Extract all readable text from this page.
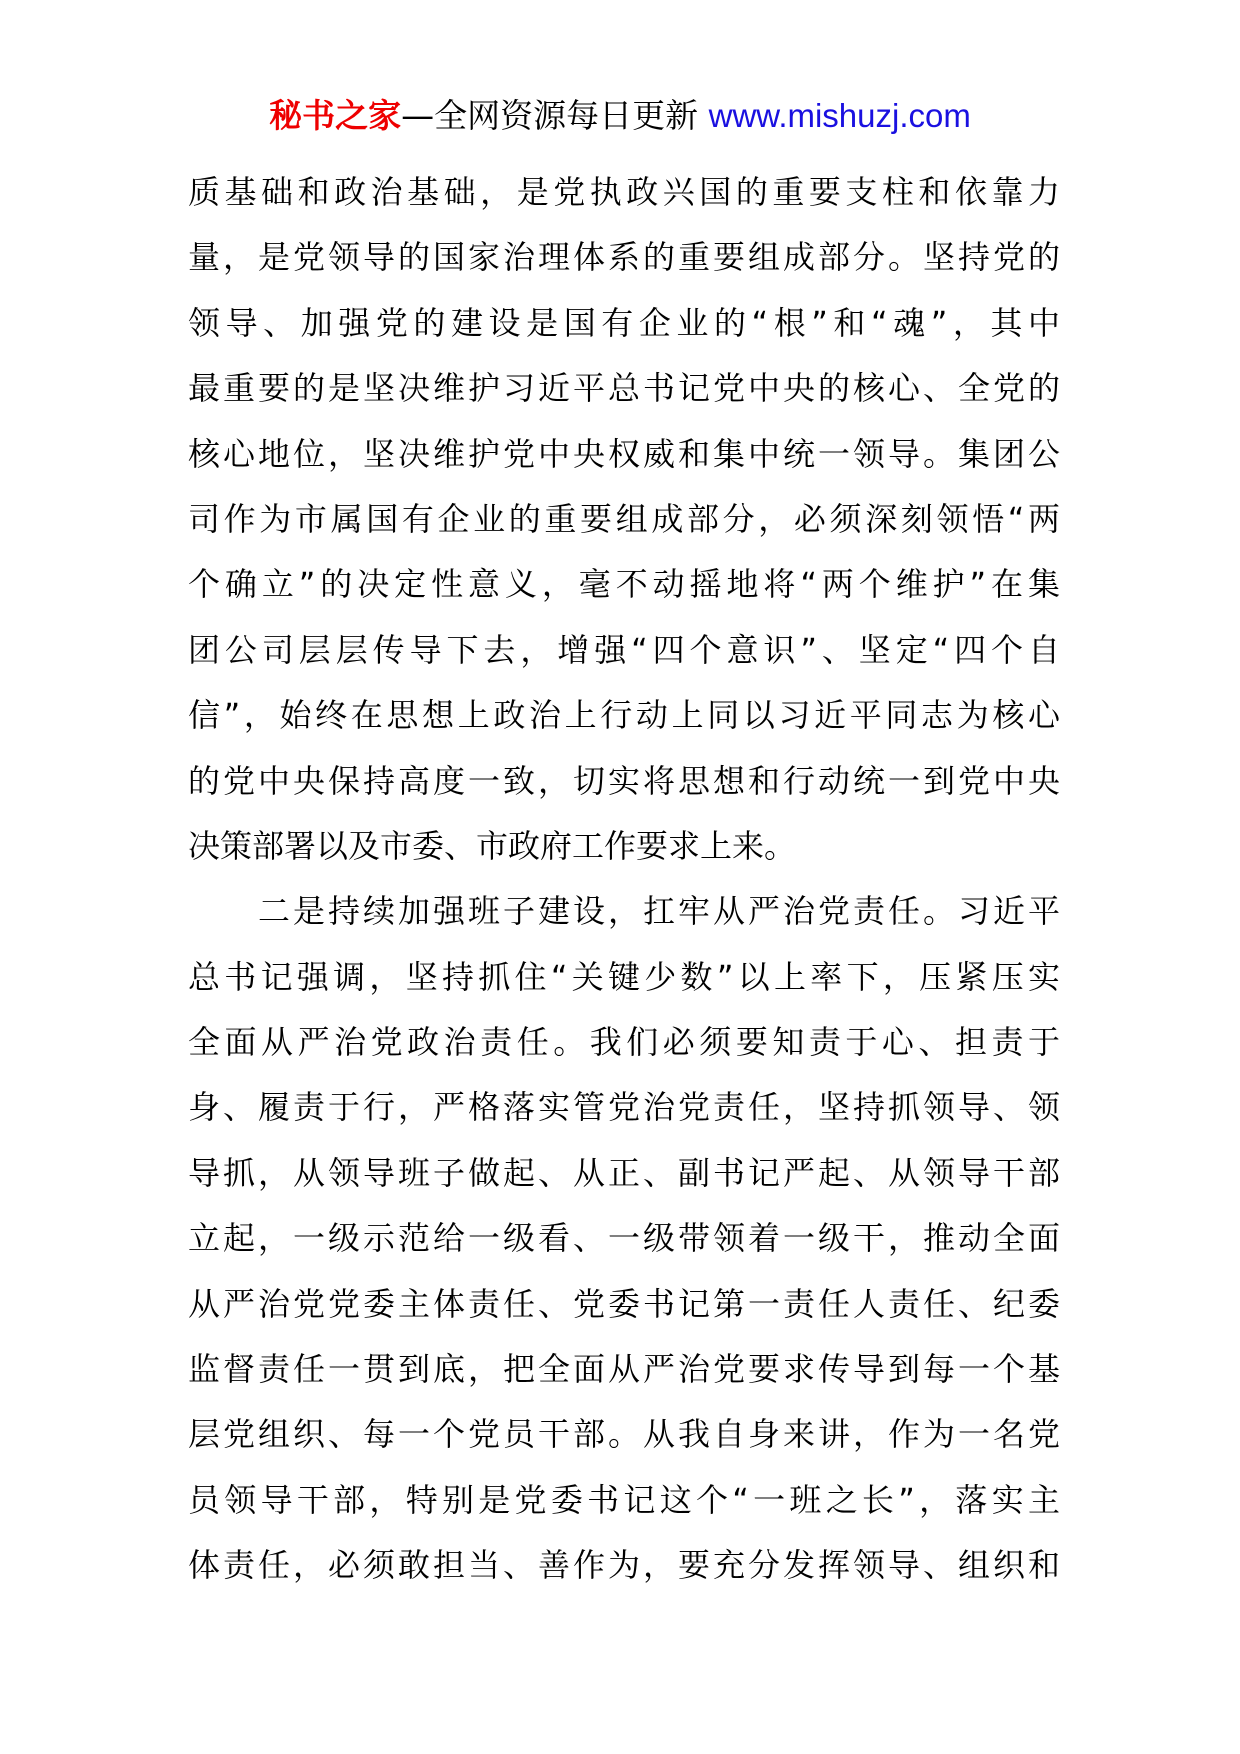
秘书之家—全网资源每日更新 www.mishuzj.com
质基础和政治基础，是党执政兴国的重要支柱和依靠力
量，是党领导的国家治理体系的重要组成部分。坚持党的
领导、加强党的建设是国有企业的“根”和“魂”，其中
最重要的是坚决维护习近平总书记党中央的核心、全党的
核心地位，坚决维护党中央权威和集中统一领导。集团公
司作为市属国有企业的重要组成部分，必须深刻领悟“两
个确立”的决定性意义，毫不动摇地将“两个维护”在集
团公司层层传导下去，增强“四个意识”、坚定“四个自
信”，始终在思想上政治上行动上同以习近平同志为核心
的党中央保持高度一致，切实将思想和行动统一到党中央
决策部署以及市委、市政府工作要求上来。
　　二是持续加强班子建设，扛牢从严治党责任。习近平
总书记强调，坚持抓住“关键少数”以上率下，压紧压实
全面从严治党政治责任。我们必须要知责于心、担责于
身、履责于行，严格落实管党治党责任，坚持抓领导、领
导抓，从领导班子做起、从正、副书记严起、从领导干部
立起，一级示范给一级看、一级带领着一级干，推动全面
从严治党党委主体责任、党委书记第一责任人责任、纪委
监督责任一贯到底，把全面从严治党要求传导到每一个基
层党组织、每一个党员干部。从我自身来讲，作为一名党
员领导干部，特别是党委书记这个“一班之长”，落实主
体责任，必须敢担当、善作为，要充分发挥领导、组织和
